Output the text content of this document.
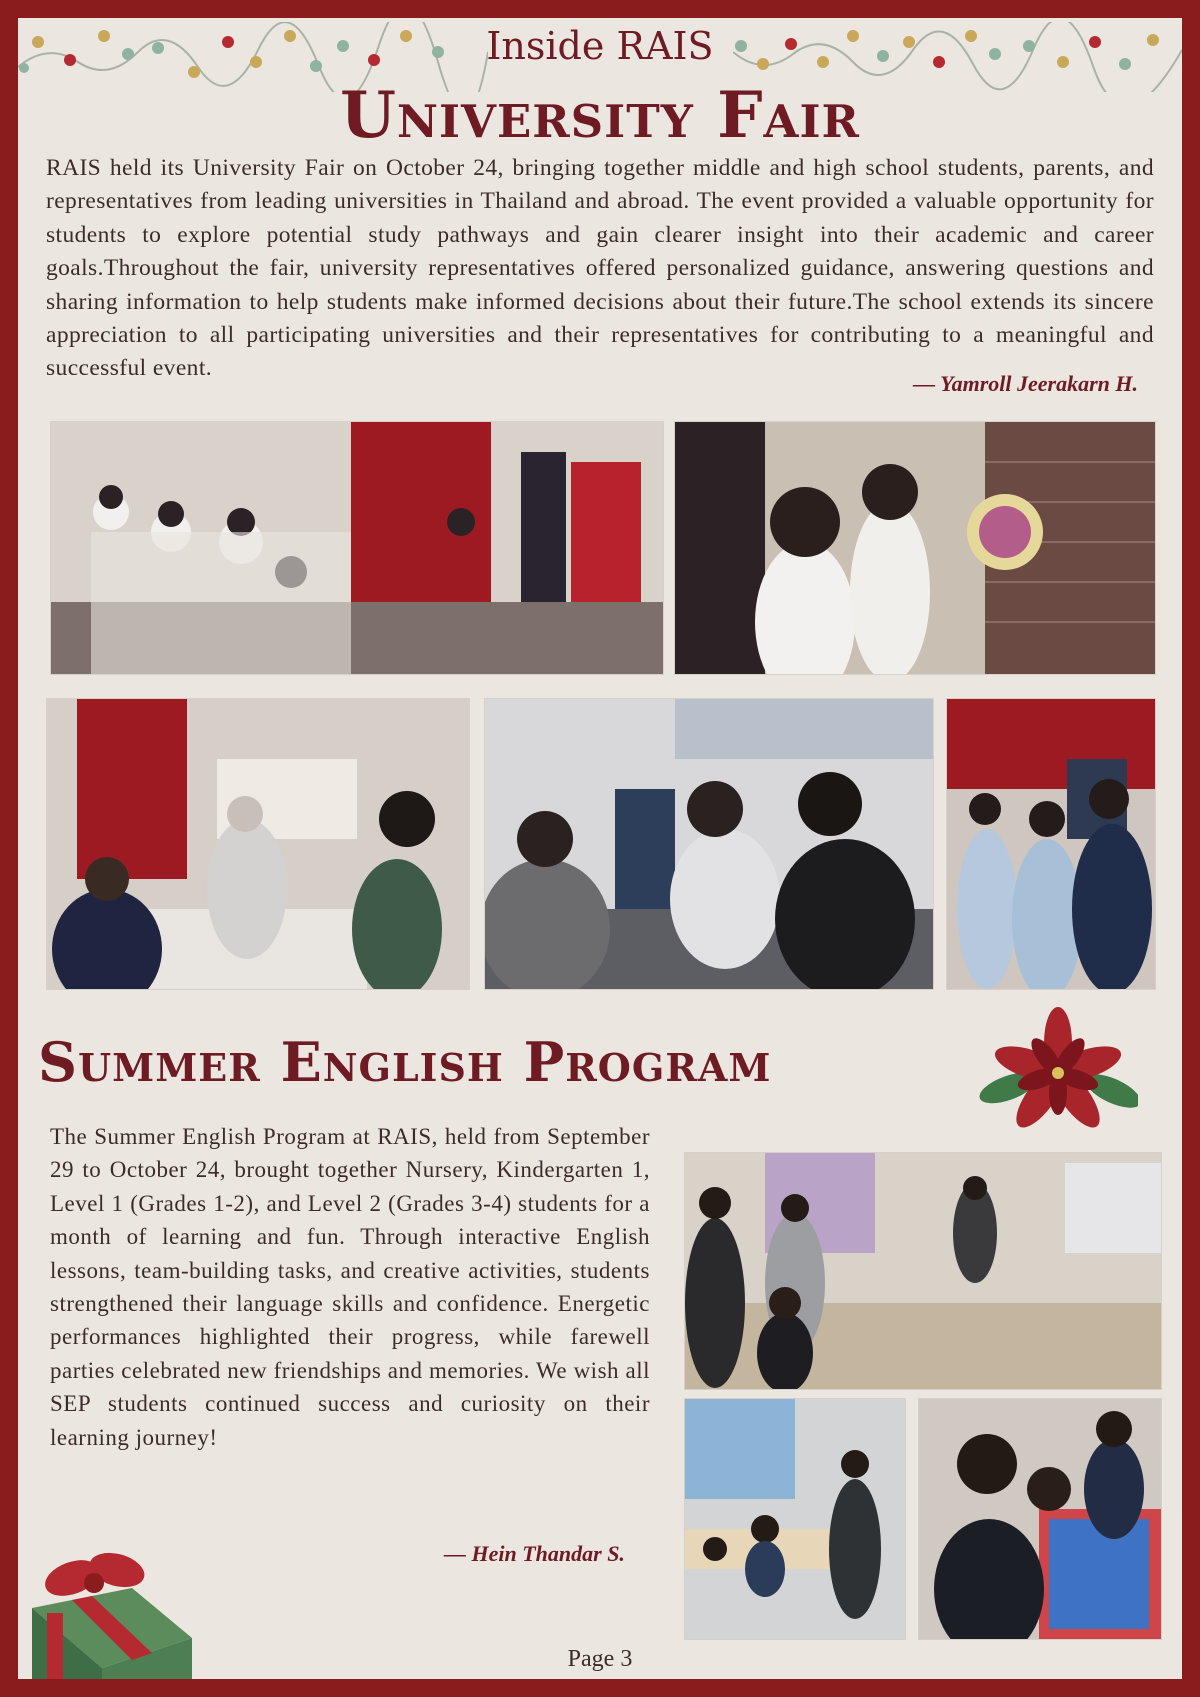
Inside RAIS
University Fair
RAIS held its University Fair on October 24, bringing together middle and high school students, parents, and representatives from leading universities in Thailand and abroad. The event provided a valuable opportunity for students to explore potential study pathways and gain clearer insight into their academic and career goals.Throughout the fair, university representatives offered personalized guidance, answering questions and sharing information to help students make informed decisions about their future.The school extends its sincere appreciation to all participating universities and their representatives for contributing to a meaningful and successful event.
— Yamroll Jeerakarn H.
Summer English Program
The Summer English Program at RAIS, held from September 29 to October 24, brought together Nursery, Kindergarten 1, Level 1 (Grades 1-2), and Level 2 (Grades 3-4) students for a month of learning and fun. Through interactive English lessons, team-building tasks, and creative activities, students strengthened their language skills and confidence. Energetic performances highlighted their progress, while farewell parties celebrated new friendships and memories. We wish all SEP students continued success and curiosity on their learning journey!
— Hein Thandar S.
Page 3
